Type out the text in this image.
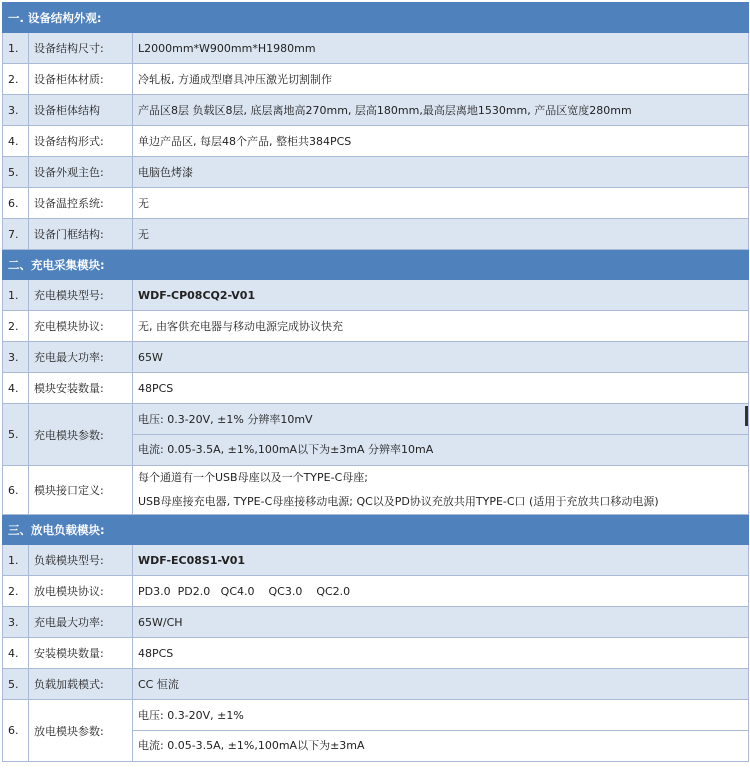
一. 设备结构外观:		
1.	设备结构尺寸:	L2000mm*W900mm*H1980mm
2.	设备柜体材质:	冷轧板, 方通成型磨具冲压激光切割制作
3.	设备柜体结构	产品区8层 负载区8层, 底层离地高270mm, 层高180mm,最高层离地1530mm, 产品区宽度280mm
4.	设备结构形式:	单边产品区, 每层48个产品, 整柜共384PCS
5.	设备外观主色:	电脑色烤漆
6.	设备温控系统:	无
7.	设备门框结构:	无
二、充电采集模块:		
1.	充电模块型号:	WDF-CP08CQ2-V01
2.	充电模块协议:	无, 由客供充电器与移动电源完成协议快充
3.	充电最大功率:	65W
4.	模块安装数量:	48PCS
5.	充电模块参数:	电压: 0.3-20V, ±1% 分辨率10mV
电流: 0.05-3.5A, ±1%,100mA以下为±3mA 分辨率10mA

6.	模块接口定义:	每个通道有一个USB母座以及一个TYPE-C母座;
USB母座接充电器, TYPE-C母座接移动电源; QC以及PD协议充放共用TYPE-C口 (适用于充放共口移动电源)

三、放电负载模块:		
1.	负载模块型号:	WDF-EC08S1-V01
2.	放电模块协议:	PD3.0  PD2.0   QC4.0    QC3.0    QC2.0
3.	充电最大功率:	65W/CH
4.	安装模块数量:	48PCS
5.	负载加载模式:	CC 恒流
6.	放电模块参数:	电压: 0.3-20V, ±1%
电流: 0.05-3.5A, ±1%,100mA以下为±3mA
